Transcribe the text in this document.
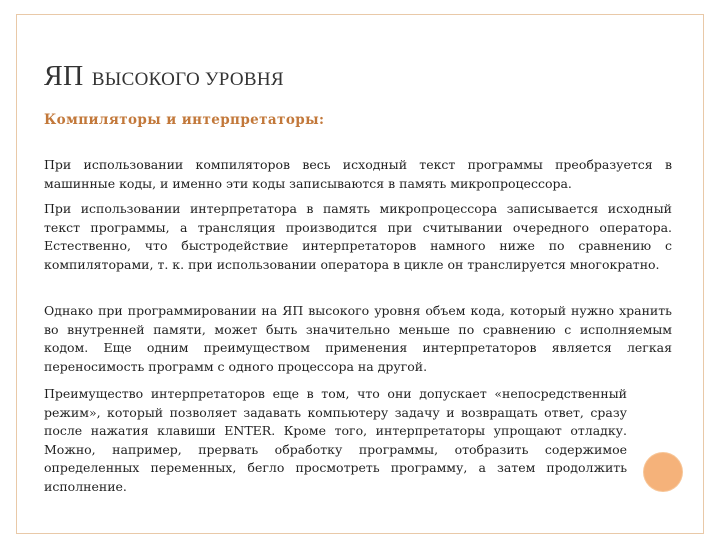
ЯП ВЫСОКОГО УРОВНЯ

Компиляторы и интерпретаторы:

При использовании компиляторов весь исходный текст программы преобразуется в машинные коды, и именно эти коды записываются в память микропроцессора.

При использовании интерпретатора в память микропроцессора записывается исходный текст программы, а трансляция производится при считывании очередного оператора. Естественно, что быстродействие интерпретаторов намного ниже по сравнению с компиляторами, т. к. при использовании оператора в цикле он транслируется многократно.

Однако при программировании на ЯП высокого уровня объем кода, который нужно хранить во внутренней памяти, может быть значительно меньше по сравнению с исполняемым кодом. Еще одним преимуществом применения интерпретаторов является легкая переносимость программ с одного процессора на другой.

Преимущество интерпретаторов еще в том, что они допускает «непосредственный режим», который позволяет задавать компьютеру задачу и возвращать ответ, сразу после нажатия клавиши ENTER. Кроме того, интерпретаторы упрощают отладку. Можно, например, прервать обработку программы, отобразить содержимое определенных переменных, бегло просмотреть программу, а затем продолжить исполнение.
